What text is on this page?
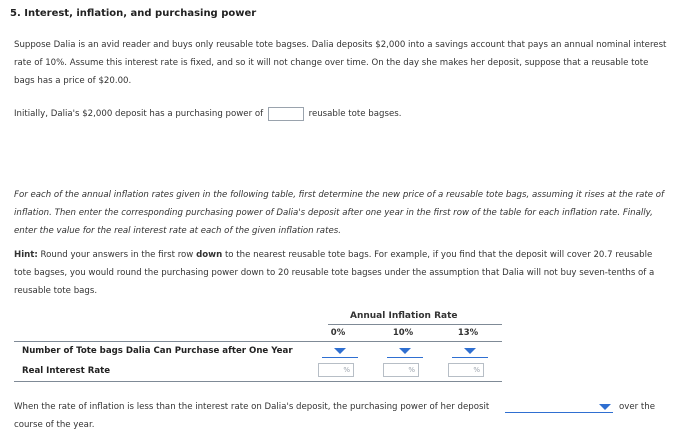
5. Interest, inflation, and purchasing power
Suppose Dalia is an avid reader and buys only reusable tote bagses. Dalia deposits $2,000 into a savings account that pays an annual nominal interest
rate of 10%. Assume this interest rate is fixed, and so it will not change over time. On the day she makes her deposit, suppose that a reusable tote
bags has a price of $20.00.
Initially, Dalia's $2,000 deposit has a purchasing power of	reusable tote bagses.
For each of the annual inflation rates given in the following table, first determine the new price of a reusable tote bags, assuming it rises at the rate of
inflation. Then enter the corresponding purchasing power of Dalia's deposit after one year in the first row of the table for each inflation rate. Finally,
enter the value for the real interest rate at each of the given inflation rates.
Hint: Round your answers in the first row down to the nearest reusable tote bags. For example, if you find that the deposit will cover 20.7 reusable
tote bagses, you would round the purchasing power down to 20 reusable tote bagses under the assumption that Dalia will not buy seven-tenths of a
reusable tote bags.
Annual Inflation Rate
0%	10%	13%
Number of Tote bags Dalia Can Purchase after One Year
Real Interest Rate	%	%	%
When the rate of inflation is less than the interest rate on Dalia's deposit, the purchasing power of her deposit	over the
course of the year.
